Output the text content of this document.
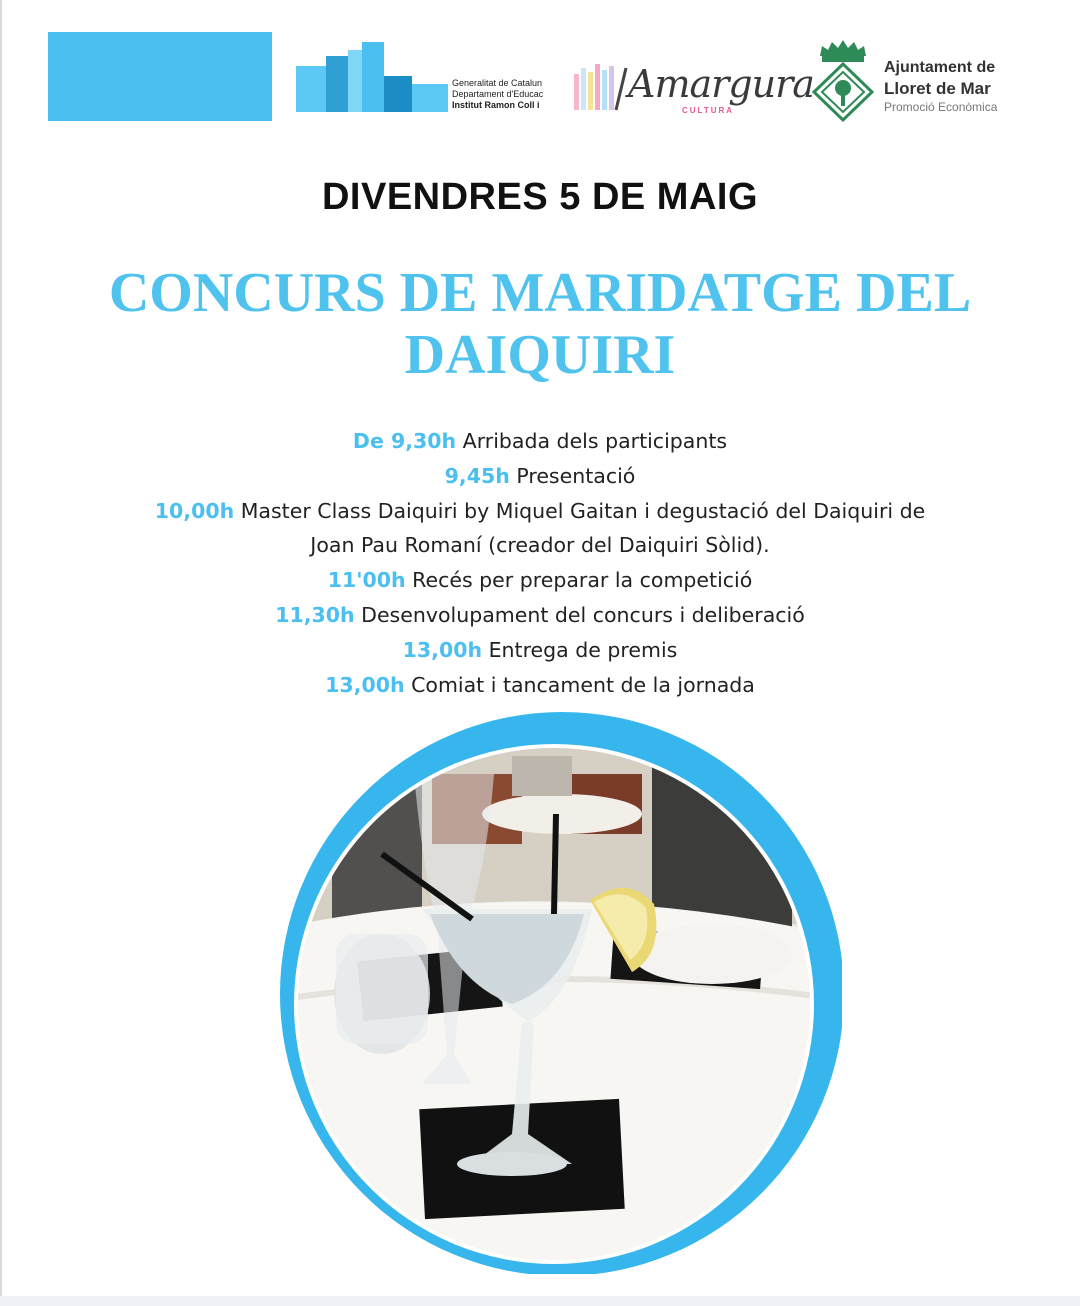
Generalitat de Catalun
Departament d'Educac
Institut Ramon Coll i	Amargura
CULTURA
Ajuntament de
Lloret de Mar
Promoció Econòmica
DIVENDRES 5 DE MAIG
CONCURS DE MARIDATGE DEL
DAIQUIRI
De 9,30h Arribada dels participants
9,45h Presentació
10,00h Master Class Daiquiri by Miquel Gaitan i degustació del Daiquiri de
Joan Pau Romaní (creador del Daiquiri Sòlid).
11'00h Recés per preparar la competició
11,30h Desenvolupament del concurs i deliberació
13,00h Entrega de premis
13,00h Comiat i tancament de la jornada
